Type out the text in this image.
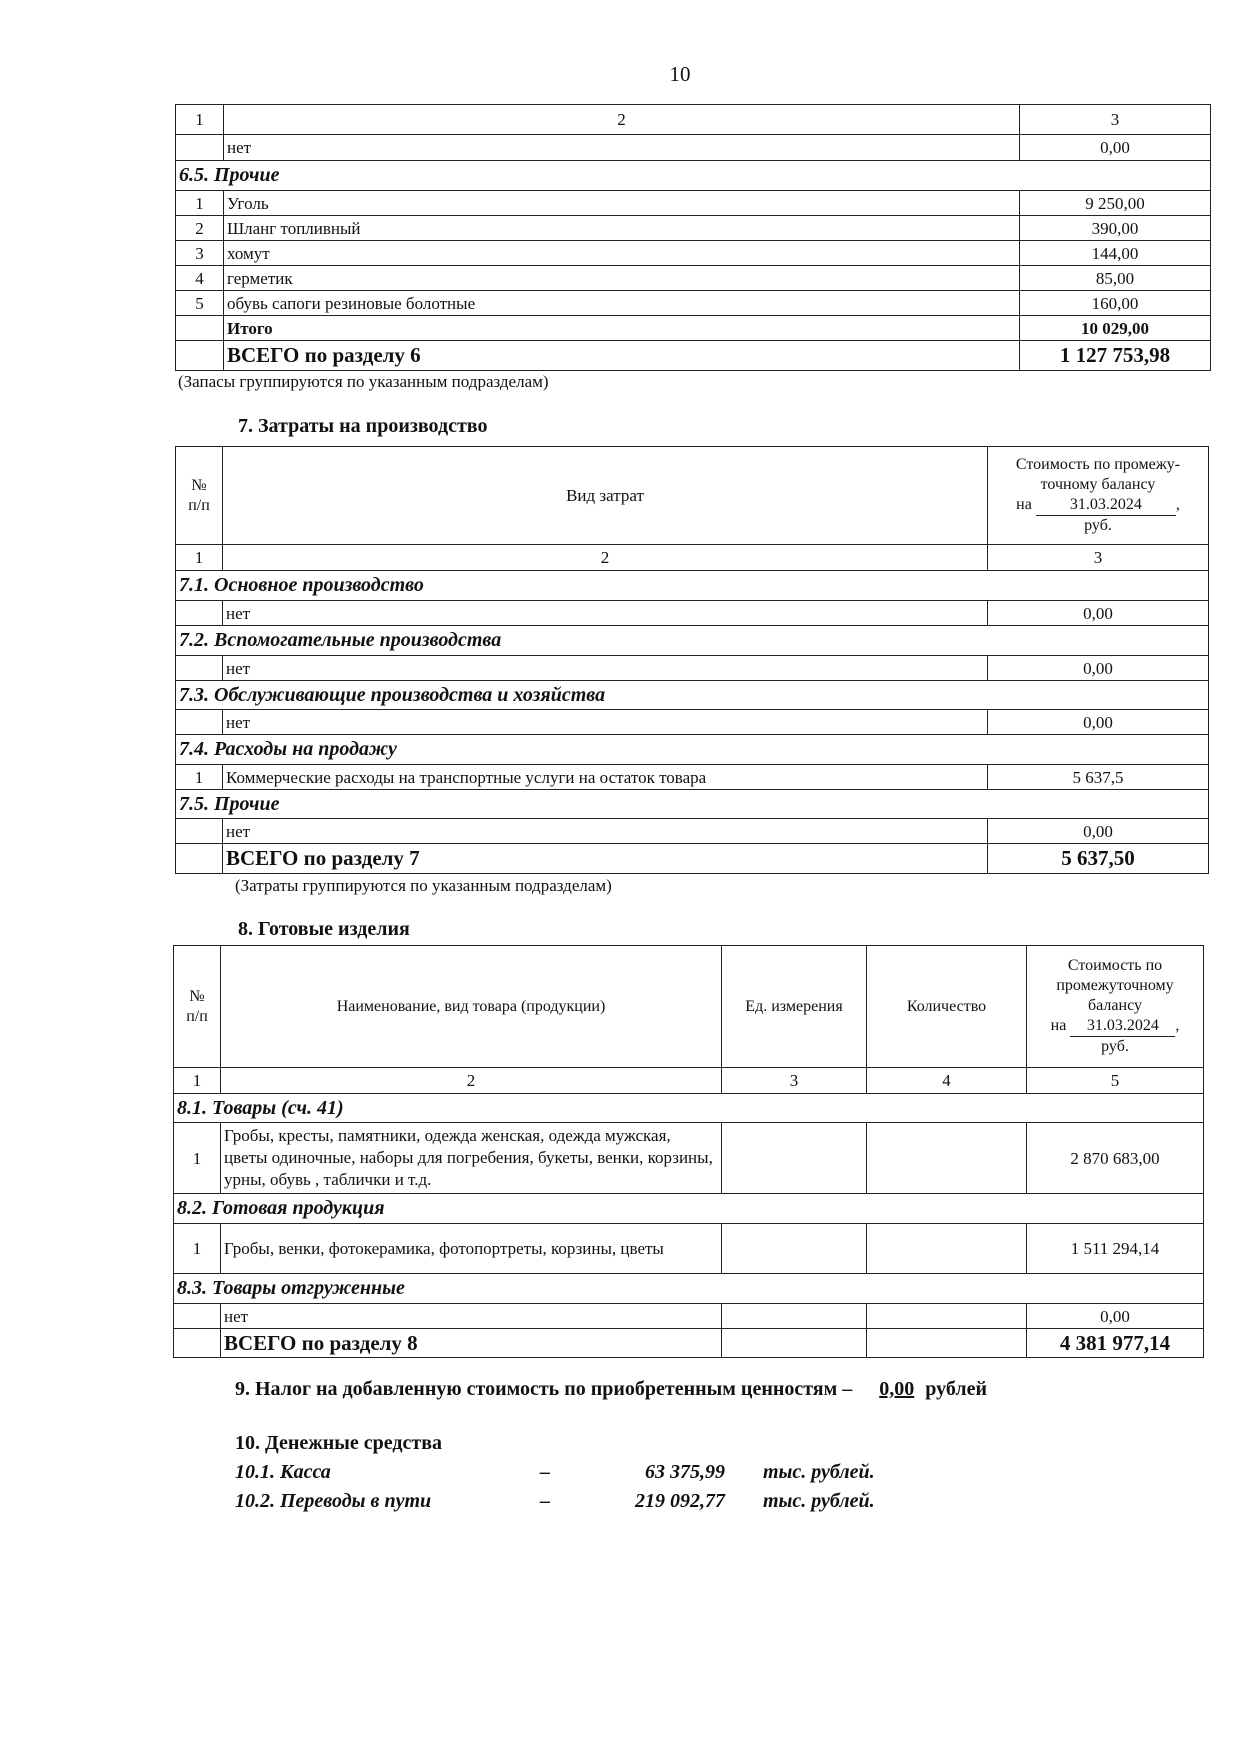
10
1	2	3
	нет	0,00
6.5. Прочие		
1	Уголь	9 250,00
2	Шланг топливный	390,00
3	хомут	144,00
4	герметик	85,00
5	обувь сапоги резиновые болотные	160,00
	Итого	10 029,00
	ВСЕГО по разделу 6	1 127 753,98
(Запасы группируются по указанным подразделам)
7. Затраты на производство
№ п/п	Вид затрат	Стоимость по промежу-
точному балансу
на 31.03.2024 ,
руб.

1	2	3
7.1. Основное производство		
	нет	0,00
7.2. Вспомогательные производства		
	нет	0,00
7.3. Обслуживающие производства и хозяйства		
	нет	0,00
7.4. Расходы на продажу		
1	Коммерческие расходы на транспортные услуги на остаток товара	5 637,5
7.5. Прочие		
	нет	0,00
	ВСЕГО по разделу 7	5 637,50
(Затраты группируются по указанным подразделам)
8. Готовые изделия
№ п/п	Наименование, вид товара (продукции)	Ед. измерения	Количество	Стоимость по
промежуточному
балансу
на 31.03.2024 ,
руб.

1	2	3	4	5
8.1. Товары (сч. 41)				
1	Гробы, кресты, памятники, одежда женская, одежда мужская, цветы одиночные, наборы для погребения, букеты, венки, корзины, урны, обувь , таблички и т.д.			2 870 683,00
8.2. Готовая продукция				
1	Гробы, венки, фотокерамика, фотопортреты, корзины, цветы			1 511 294,14
8.3. Товары отгруженные				
	нет			0,00
	ВСЕГО по разделу 8			4 381 977,14
9. Налог на добавленную стоимость по приобретенным ценностям – 0,00 рублей
10. Денежные средства
10.1. Касса	–	63 375,99 тыс. рублей.
10.2. Переводы в пути	–	219 092,77 тыс. рублей.
